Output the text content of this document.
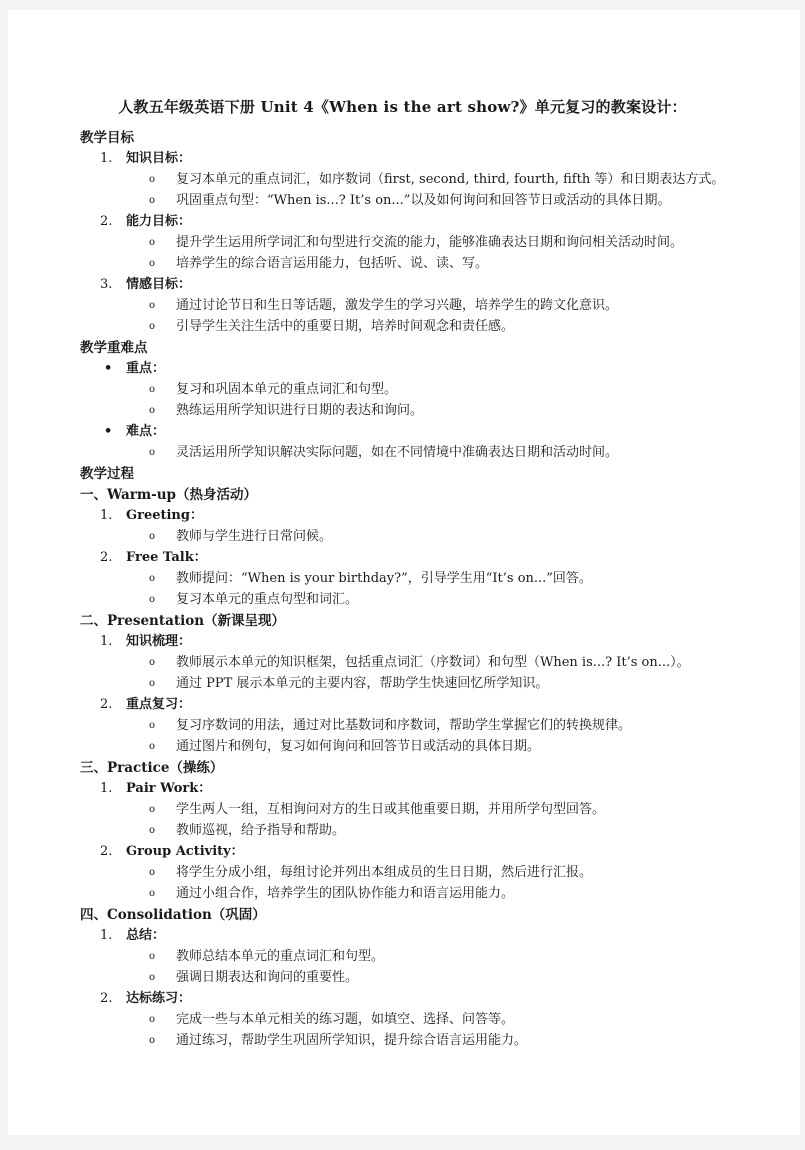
人教五年级英语下册 Unit 4《When is the art show?》单元复习的教案设计：
教学目标
1. 知识目标：
o 复习本单元的重点词汇，如序数词（first, second, third, fourth, fifth 等）和日期表达方式。
o 巩固重点句型：“When is...? It’s on...”以及如何询问和回答节日或活动的具体日期。
2. 能力目标：
o 提升学生运用所学词汇和句型进行交流的能力，能够准确表达日期和询问相关活动时间。
o 培养学生的综合语言运用能力，包括听、说、读、写。
3. 情感目标：
o 通过讨论节日和生日等话题，激发学生的学习兴趣，培养学生的跨文化意识。
o 引导学生关注生活中的重要日期，培养时间观念和责任感。
教学重难点
• 重点：
o 复习和巩固本单元的重点词汇和句型。
o 熟练运用所学知识进行日期的表达和询问。
• 难点：
o 灵活运用所学知识解决实际问题，如在不同情境中准确表达日期和活动时间。
教学过程
一、Warm-up（热身活动）
1. Greeting：
o 教师与学生进行日常问候。
2. Free Talk：
o 教师提问：“When is your birthday?”，引导学生用“It’s on...”回答。
o 复习本单元的重点句型和词汇。
二、Presentation（新课呈现）
1. 知识梳理：
o 教师展示本单元的知识框架，包括重点词汇（序数词）和句型（When is...? It’s on...）。
o 通过 PPT 展示本单元的主要内容，帮助学生快速回忆所学知识。
2. 重点复习：
o 复习序数词的用法，通过对比基数词和序数词，帮助学生掌握它们的转换规律。
o 通过图片和例句，复习如何询问和回答节日或活动的具体日期。
三、Practice（操练）
1. Pair Work：
o 学生两人一组，互相询问对方的生日或其他重要日期，并用所学句型回答。
o 教师巡视，给予指导和帮助。
2. Group Activity：
o 将学生分成小组，每组讨论并列出本组成员的生日日期，然后进行汇报。
o 通过小组合作，培养学生的团队协作能力和语言运用能力。
四、Consolidation（巩固）
1. 总结：
o 教师总结本单元的重点词汇和句型。
o 强调日期表达和询问的重要性。
2. 达标练习：
o 完成一些与本单元相关的练习题，如填空、选择、问答等。
o 通过练习，帮助学生巩固所学知识，提升综合语言运用能力。
